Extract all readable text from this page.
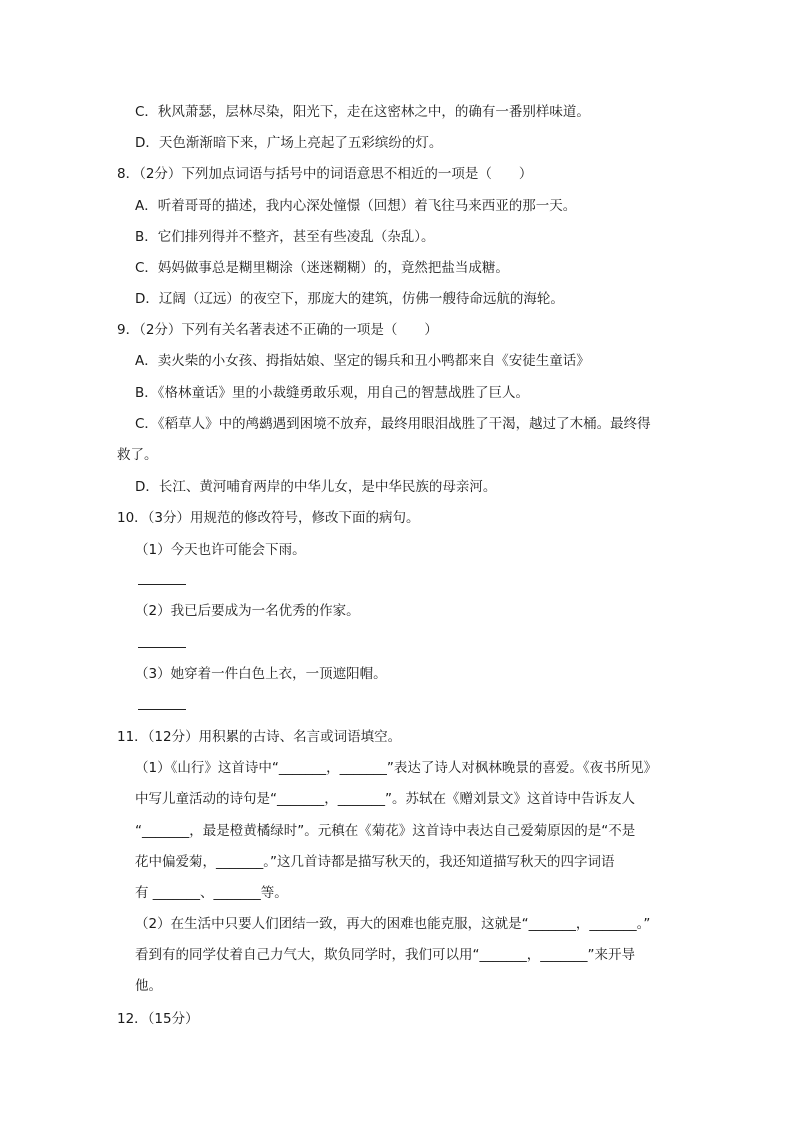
C．秋风萧瑟，层林尽染，阳光下，走在这密林之中，的确有一番别样味道。
D．天色渐渐暗下来，广场上亮起了五彩缤纷的灯。
8．（2分）下列加点词语与括号中的词语意思不相近的一项是（　　）
A．听着哥哥的描述，我内心深处憧憬（回想）着飞往马来西亚的那一天。
B．它们排列得并不整齐，甚至有些凌乱（杂乱）。
C．妈妈做事总是糊里糊涂（迷迷糊糊）的，竟然把盐当成糖。
D．辽阔（辽远）的夜空下，那庞大的建筑，仿佛一艘待命远航的海轮。
9．（2分）下列有关名著表述不正确的一项是（　　）
A．卖火柴的小女孩、拇指姑娘、坚定的锡兵和丑小鸭都来自《安徒生童话》
B．《格林童话》里的小裁缝勇敢乐观，用自己的智慧战胜了巨人。
C．《稻草人》中的鸬鹚遇到困境不放弃，最终用眼泪战胜了干渴，越过了木桶。最终得
救了。
D．长江、黄河哺育两岸的中华儿女，是中华民族的母亲河。
10．（3分）用规范的修改符号，修改下面的病句。
（1）今天也许可能会下雨。
（2）我已后要成为一名优秀的作家。
（3）她穿着一件白色上衣，一顶遮阳帽。
11．（12分）用积累的古诗、名言或词语填空。
（1）《山行》这首诗中“_______，_______”表达了诗人对枫林晚景的喜爱。《夜书所见》
中写儿童活动的诗句是“_______，_______”。苏轼在《赠刘景文》这首诗中告诉友人
“_______，最是橙黄橘绿时”。元稹在《菊花》这首诗中表达自己爱菊原因的是“不是
花中偏爱菊，_______。”这几首诗都是描写秋天的，我还知道描写秋天的四字词语
有 _______、_______等。
（2）在生活中只要人们团结一致，再大的困难也能克服，这就是“_______，_______。”
看到有的同学仗着自己力气大，欺负同学时，我们可以用“_______，_______”来开导
他。
12．（15分）
